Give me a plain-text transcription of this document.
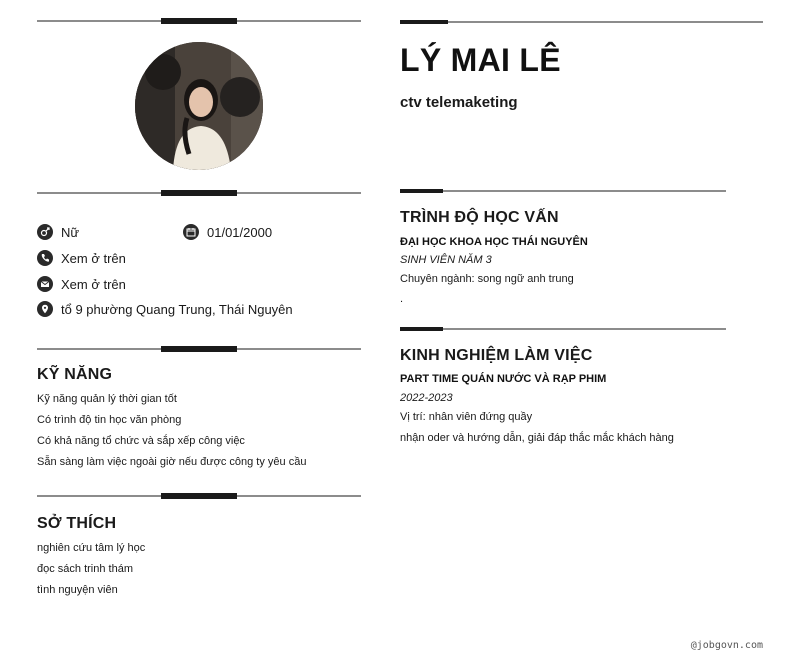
Nữ	01/01/2000
Xem ở trên
Xem ở trên
tổ 9 phường Quang Trung, Thái Nguyên
KỸ NĂNG
Kỹ năng quản lý thời gian tốt
Có trình độ tin học văn phòng
Có khả năng tổ chức và sắp xếp công việc
Sẵn sàng làm việc ngoài giờ nếu được công ty yêu cầu
SỞ THÍCH
nghiên cứu tâm lý học
đọc sách trinh thám
tình nguyện viên
LÝ MAI LÊ
ctv telemaketing
TRÌNH ĐỘ HỌC VẤN
ĐẠI HỌC KHOA HỌC THÁI NGUYÊN
SINH VIÊN NĂM 3
Chuyên ngành: song ngữ anh trung
.
KINH NGHIỆM LÀM VIỆC
PART TIME QUÁN NƯỚC VÀ RẠP PHIM
2022-2023
Vị trí: nhân viên đứng quầy
nhận oder và hướng dẫn, giải đáp thắc mắc khách hàng
@jobgovn.com
